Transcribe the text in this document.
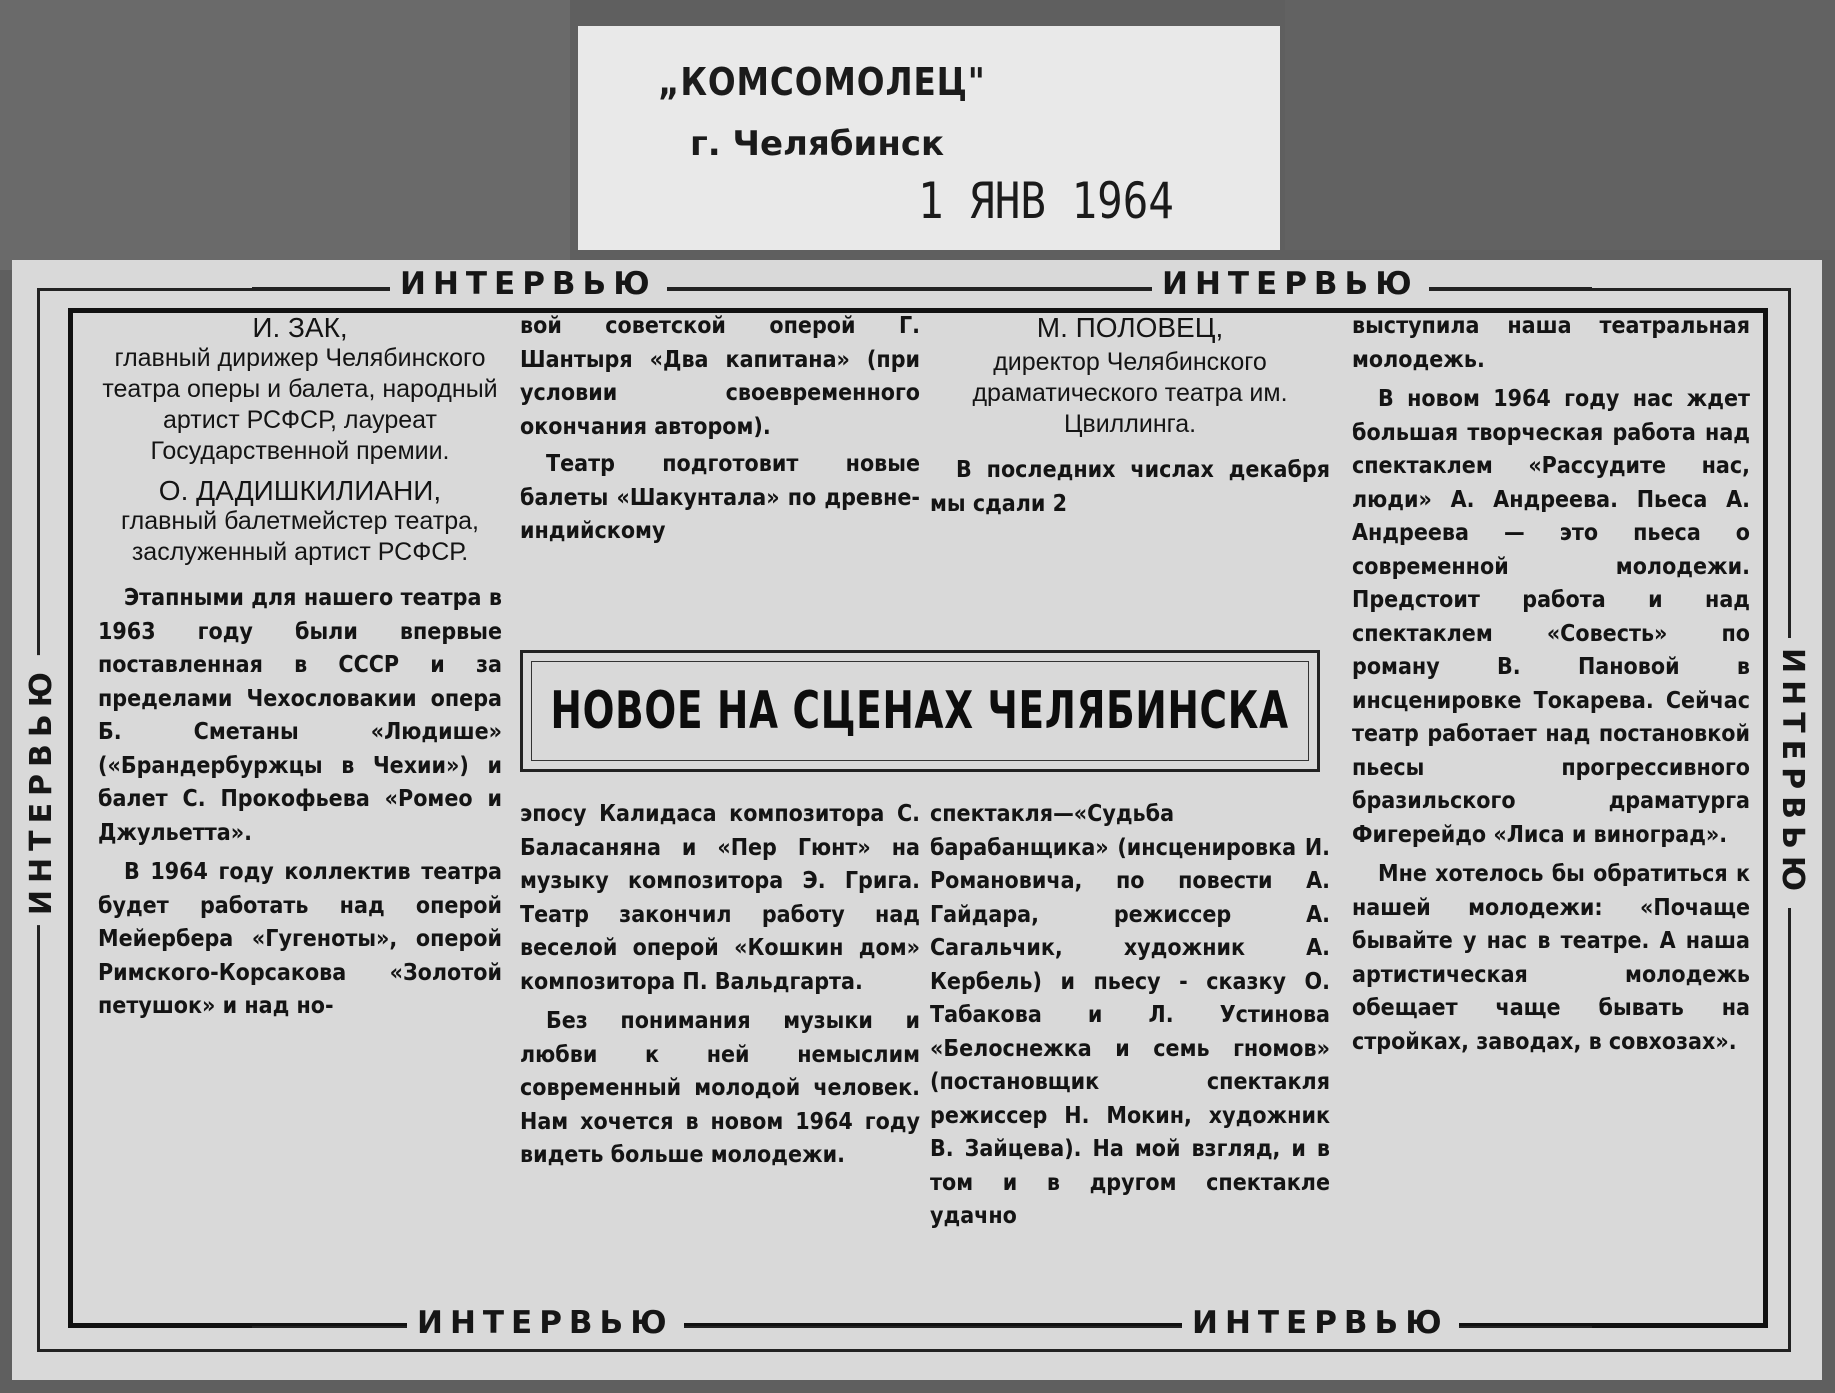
„КОМСОМОЛЕЦ"
г. Челябинск
1 ЯНВ 1964
ИНТЕРВЬЮ	ИНТЕРВЬЮ
ИНТЕРВЬЮ	ИНТЕРВЬЮ
ИНТЕРВЬЮ	ИНТЕРВЬЮ
И. ЗАК,
главный дирижер Челябинского театра оперы и балета, народный артист РСФСР, лауреат Государственной премии.
О. ДАДИШКИЛИАНИ,
главный балетмейстер театра, заслуженный артист РСФСР.

Этапными для нашего театра в 1963 году были впервые поставленная в СССР и за пределами Чехословакии опера Б. Сметаны «Людише» («Брандербуржцы в Чехии») и балет С. Прокофьева «Ромео и Джульетта».

В 1964 году коллектив театра будет работать над оперой Мейербера «Гугеноты», оперой Римского-Корсакова «Золотой петушок» и над но-

вой советской оперой Г. Шантыря «Два капитана» (при условии своевременного окончания автором).

Театр подготовит новые балеты «Шакунтала» по древне-индийскому

М. ПОЛОВЕЦ,
директор Челябинского драматического театра им. Цвиллинга.

В последних числах декабря мы сдали 2

НОВОЕ НА СЦЕНАХ ЧЕЛЯБИНСКА

эпосу Калидаса композитора С. Баласаняна и «Пер Гюнт» на музыку композитора Э. Грига. Театр закончил работу над веселой оперой «Кошкин дом» композитора П. Вальдгарта.

Без понимания музыки и любви к ней немыслим современный молодой человек. Нам хочется в новом 1964 году видеть больше молодежи.

спектакля—«Судьба барабанщика» (инсценировка И. Романовича, по повести А. Гайдара, режиссер А. Сагальчик, художник А. Кербель) и пьесу - сказку О. Табакова и Л. Устинова «Белоснежка и семь гномов» (постановщик спектакля режиссер Н. Мокин, художник В. Зайцева). На мой взгляд, и в том и в другом спектакле удачно

выступила наша театральная молодежь.

В новом 1964 году нас ждет большая творческая работа над спектаклем «Рассудите нас, люди» А. Андреева. Пьеса А. Андреева — это пьеса о современной молодежи. Предстоит работа и над спектаклем «Совесть» по роману В. Пановой в инсценировке Токарева. Сейчас театр работает над постановкой пьесы прогрессивного бразильского драматурга Фигерейдо «Лиса и виноград».

Мне хотелось бы обратиться к нашей молодежи: «Почаще бывайте у нас в театре. А наша артистическая молодежь обещает чаще бывать на стройках, заводах, в совхозах».
